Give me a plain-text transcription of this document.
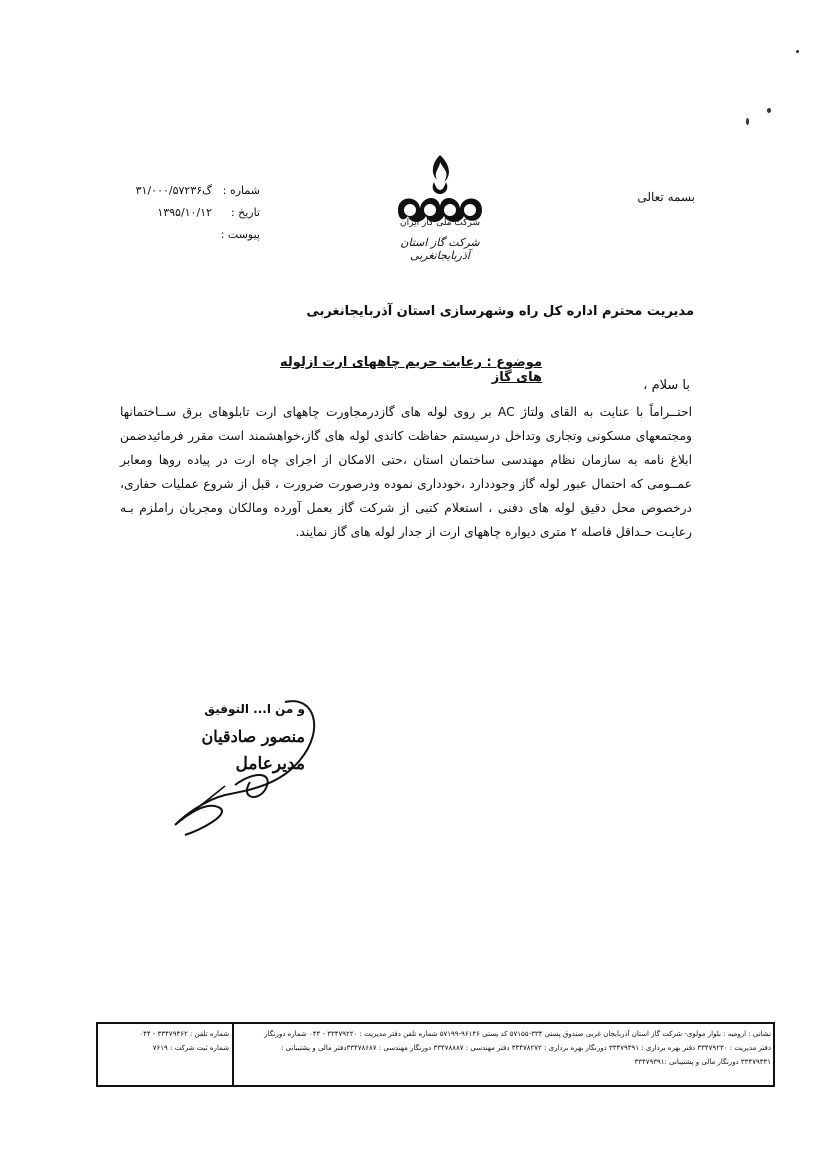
شماره :
گ۳۱/۰۰۰/۵۷۲۳۶
تاریخ :
۱۳۹۵/۱۰/۱۲
پیوست :
شرکت ملی گاز ایران
شرکت گاز استان آذربایجانغربی
بسمه تعالی
مدیریت محترم اداره کل راه وشهرسازی استان آذربایجانغربی
موضوع : رعایت حریم چاههای ارت ازلوله های گاز
با سلام ،
احتــراماً با عنایت به القای ولتاژ AC بر روی لوله های گازدرمجاورت چاههای ارت تابلوهای برق ســاختمانها ومجتمعهای مسکونی وتجاری وتداخل درسیستم حفاظت کاتدی لوله های گاز،خواهشمند است مقرر فرمائیدضمن ابلاغ نامه به سازمان نظام مهندسی ساختمان استان ،حتی الامکان از اجرای چاه ارت در پیاده روها ومعابر عمــومی که احتمال عبور لوله گاز وجوددارد ،خودداری نموده ودرصورت ضرورت ، قبل از شروع عملیات حفاری، درخصوص محل دقیق لوله های دفنی ، استعلام کتبی از شرکت گاز بعمل آورده ومالکان ومجریان راملزم بـه رعایـت حـداقل فاصله ۲ متری دیواره چاههای ارت از جدار لوله های گاز نمایند.
و من ا... التوفیق
منصور صادقیان
مدیرعامل
نشانی : ارومیه : بلوار مولوی- شرکت گاز استان آذربایجان غربی صندوق پستی ۳۳۴-۵۷۱۵۵ کد پستی ۹۶۱۴۶-۵۷۱۹۹ شماره تلفن دفتر مدیریت : ۳۳۴۷۹۲۲۰ - ۰۴۴ شماره دورنگار
دفتر مدیریت : ۳۳۴۷۹۲۳۰ دفتر بهره برداری : ۳۳۴۷۹۳۹۱ دورنگار بهره برداری : ۳۳۴۷۸۲۷۲ دفتر مهندسی : ۳۳۴۷۸۸۸۷ دورنگار مهندسی : ۳۳۴۷۸۶۸۷دفتر مالی و پشتیبانی :
۳۳۴۷۹۳۴۱ دورنگار مالی و پشتیبانی :۳۳۴۷۹۳۹۱
شماره تلفن : ۳۳۴۷۹۴۶۲ - ۰۴۴
شماره ثبت شرکت : ۷۶۱۹
